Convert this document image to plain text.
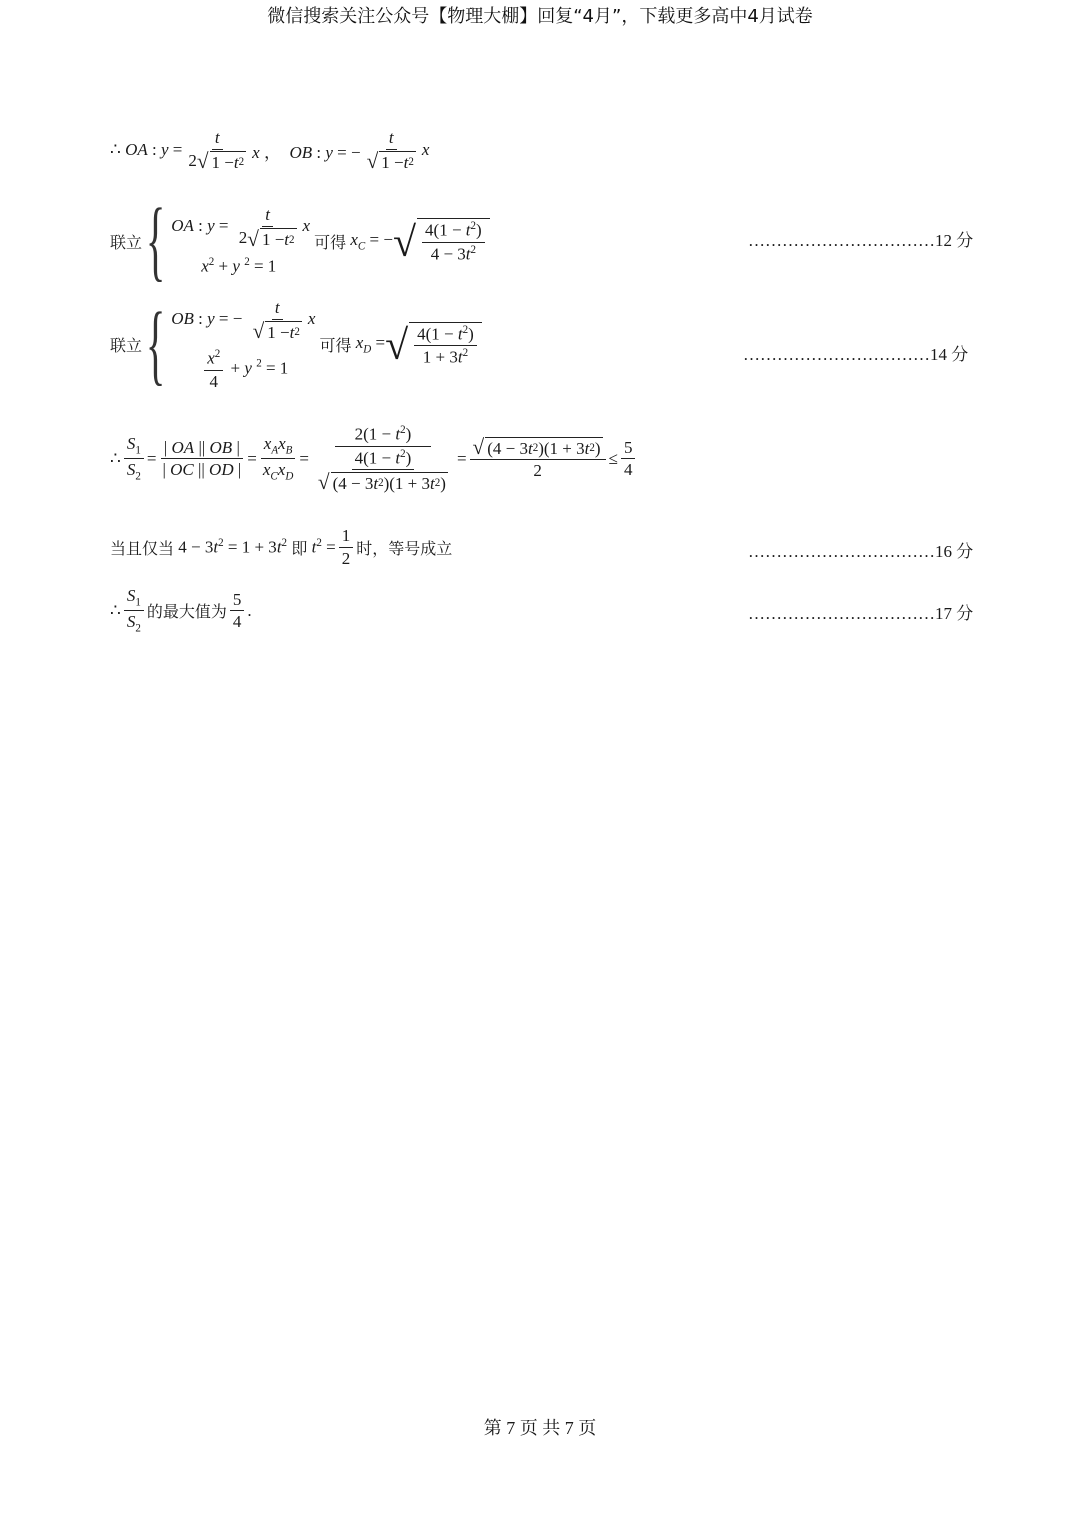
微信搜索关注公众号【物理大棚】回复“4月”，下载更多高中4月试卷
∴ OA : $y = \frac{t}{2 √ 1 - t 2}$ x ，  OB : y = − $\frac{t}{√ 1 - t 2}$ x
联立 { OA : $y = \frac{t}{2 √ 1 - t 2}$ x
$x^2 + y$ $^2$ = 1
可得 $x_C$ = − √ $\frac{4(1 - t^2)}{4 - 3t^2}$	……………………………12 分
联立 { OB : y = − $\frac{t}{√ 1 - t 2}$ x
$\frac{x^2}{4} + y$ $^2$ = 1
可得 $x_D$ = √ $\frac{4(1 - t^2)}{1 + 3t^2}$	……………………………14 分
∴ $\frac{S_1}{S_2} = \frac{| OA || OB |}{| OC || OD |} = \frac{x_Ax_B}{x_Cx_D} = \frac{2(1 - t^2)}{\frac{4(1 - t^2)}{√ (4 - 3 t 2 )(1 + 3 t 2 )}} = \frac{√ (4 - 3 t 2 )(1 + 3 t 2 )}{2} \le \frac{5}{4}$
当且仅当 $4 - 3t^2 = 1 + 3t^2$ 即 $t^2 = \frac{1}{2}$ 时，等号成立	……………………………16 分
∴ $\frac{S_1}{S_2}$ 的最大值为 $\frac{5}{4}$ .	……………………………17 分
第 7 页 共 7 页
